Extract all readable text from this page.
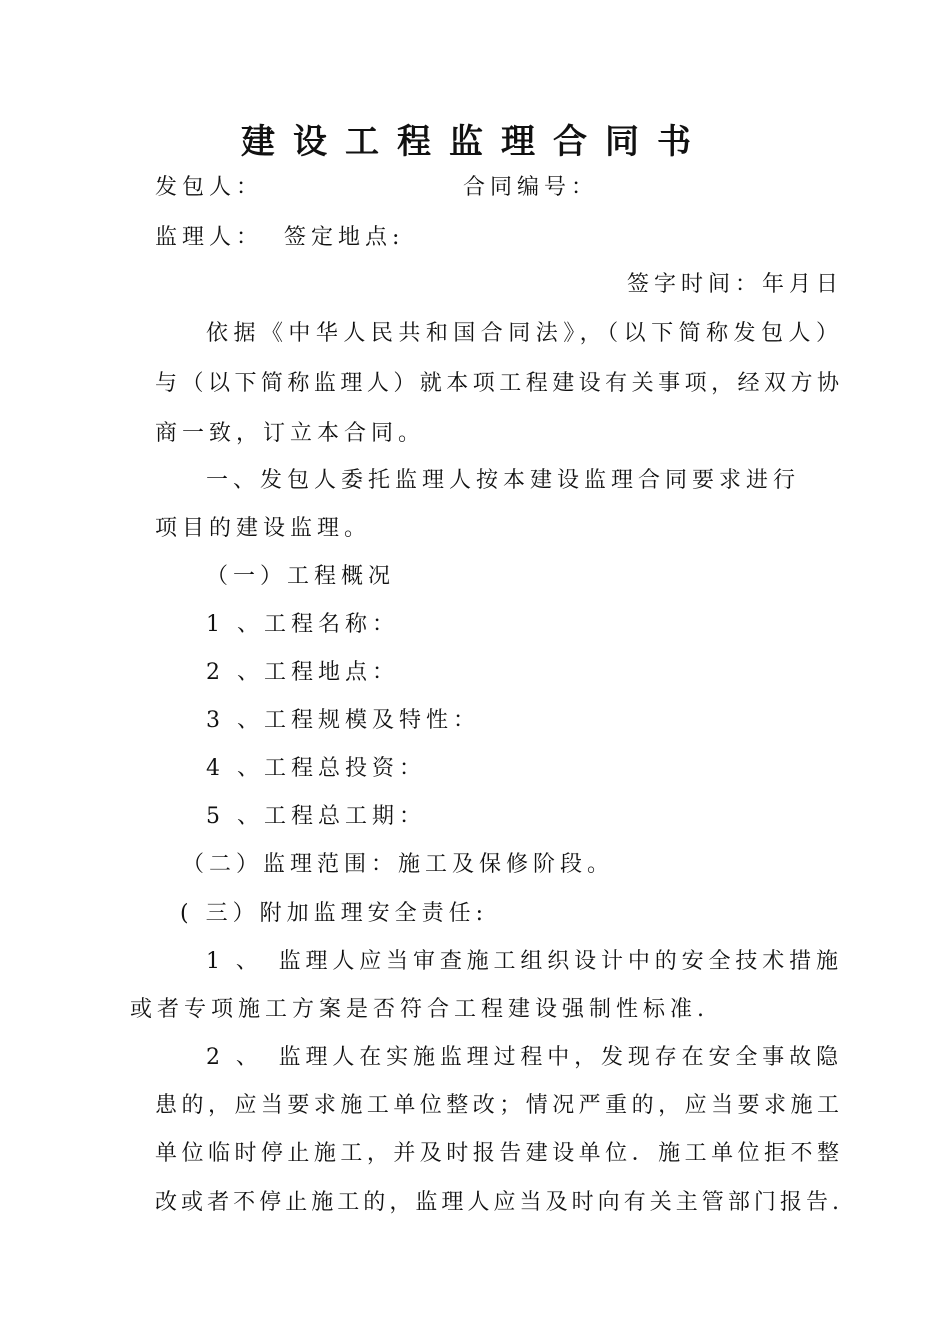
建设工程监理合同书
发包人：	合同编号：
监理人： 签定地点:
签字时间：年月日
依据《中华人民共和国合同法》，（以下简称发包人）
与（以下简称监理人）就本项工程建设有关事项，经双方协
商一致，订立本合同。
一、发包人委托监理人按本建设监理合同要求进行
项目的建设监理。
（一）工程概况
1 、工程名称：
2 、工程地点：
3 、工程规模及特性：
4 、工程总投资：
5 、工程总工期：
（二）监理范围：施工及保修阶段。
( 三）附加监理安全责任:
1 、　监理人应当审查施工组织设计中的安全技术措施
或者专项施工方案是否符合工程建设强制性标准.
2 、　监理人在实施监理过程中，发现存在安全事故隐
患的，应当要求施工单位整改；情况严重的，应当要求施工
单位临时停止施工，并及时报告建设单位．施工单位拒不整
改或者不停止施工的，监理人应当及时向有关主管部门报告.
